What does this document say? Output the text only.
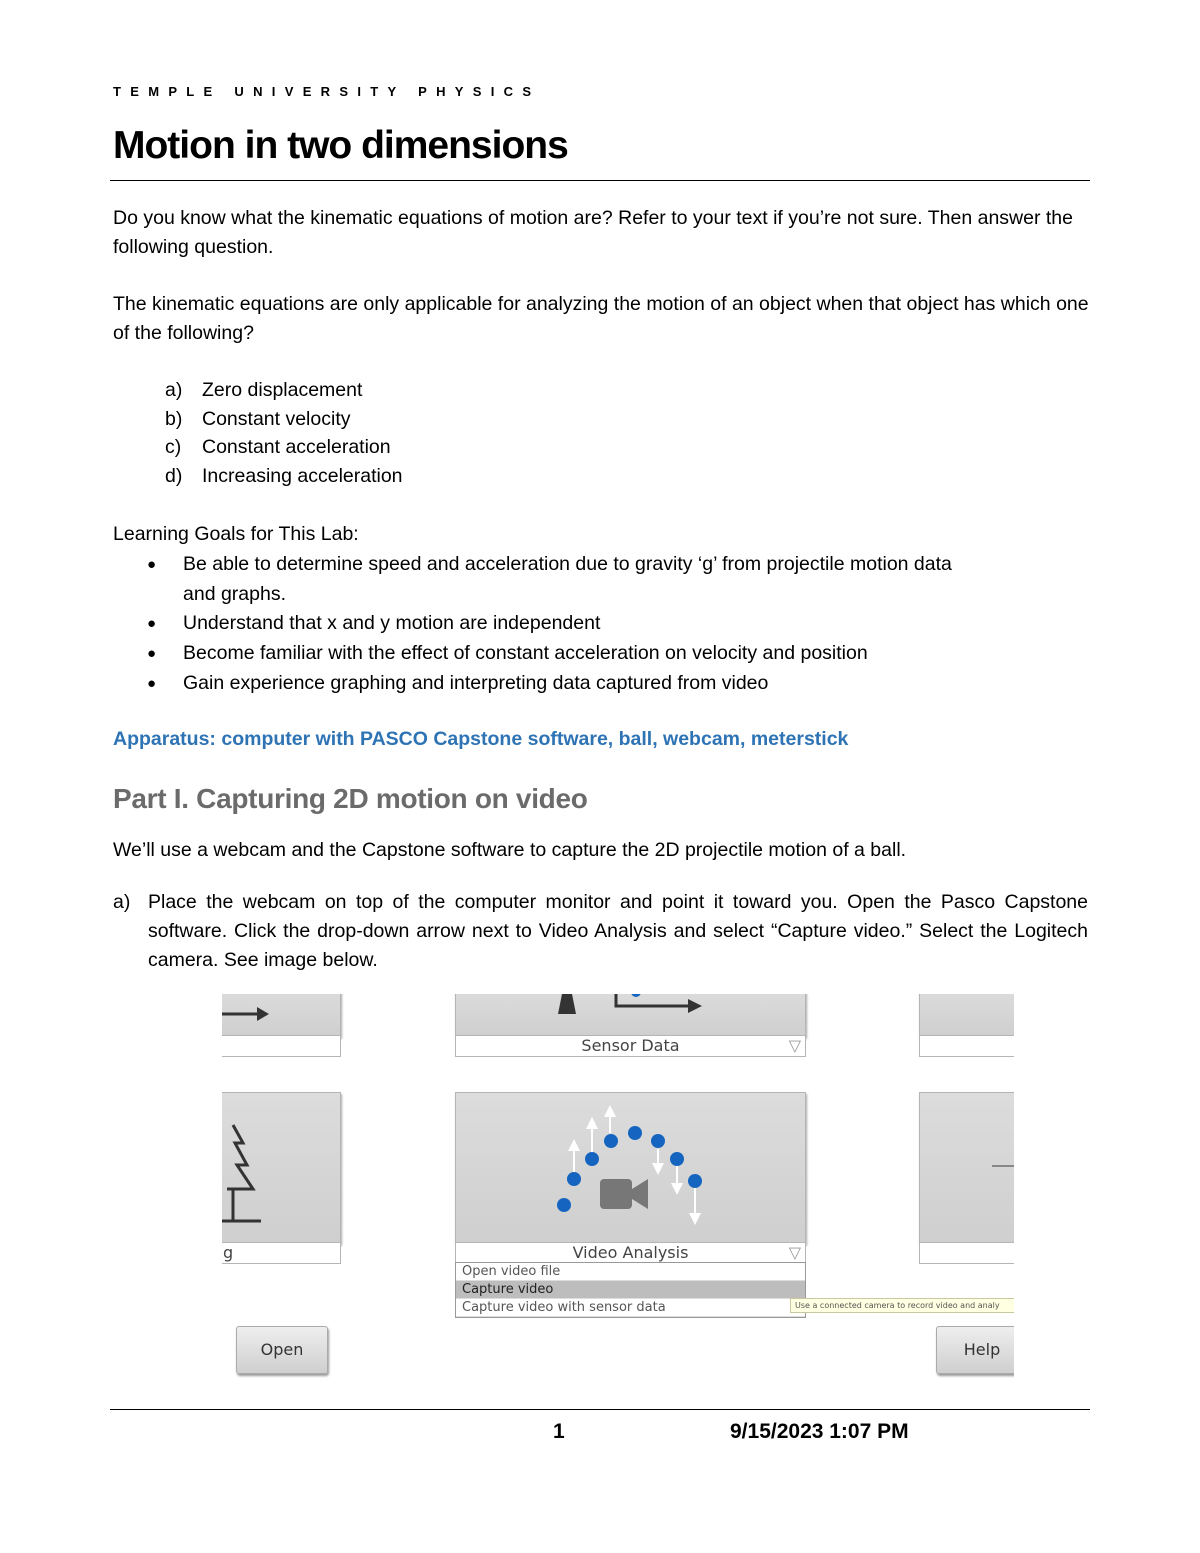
TEMPLE UNIVERSITY PHYSICS
Motion in two dimensions
Do you know what the kinematic equations of motion are? Refer to your text if you’re not sure. Then answer the following question.
The kinematic equations are only applicable for analyzing the motion of an object when that object has which one of the following?
a) Zero displacement
b) Constant velocity
c) Constant acceleration
d) Increasing acceleration
Learning Goals for This Lab:
● Be able to determine speed and acceleration due to gravity ‘g’ from projectile motion data
and graphs.
● Understand that x and y motion are independent
● Become familiar with the effect of constant acceleration on velocity and position
● Gain experience graphing and interpreting data captured from video
Apparatus: computer with PASCO Capstone software, ball, webcam, meterstick
Part I. Capturing 2D motion on video
We’ll use a webcam and the Capstone software to capture the 2D projectile motion of a ball.
a) Place the webcam on top of the computer monitor and point it toward you. Open the Pasco Capstone software. Click the drop-down arrow next to Video Analysis and select “Capture video.” Select the Logitech camera. See image below.
Sensor Data	▽
g	Video Analysis	▽
Open video file
Capture video
Capture video with sensor data	Use a connected camera to record video and analy
Open	Help
1	9/15/2023 1:07 PM
